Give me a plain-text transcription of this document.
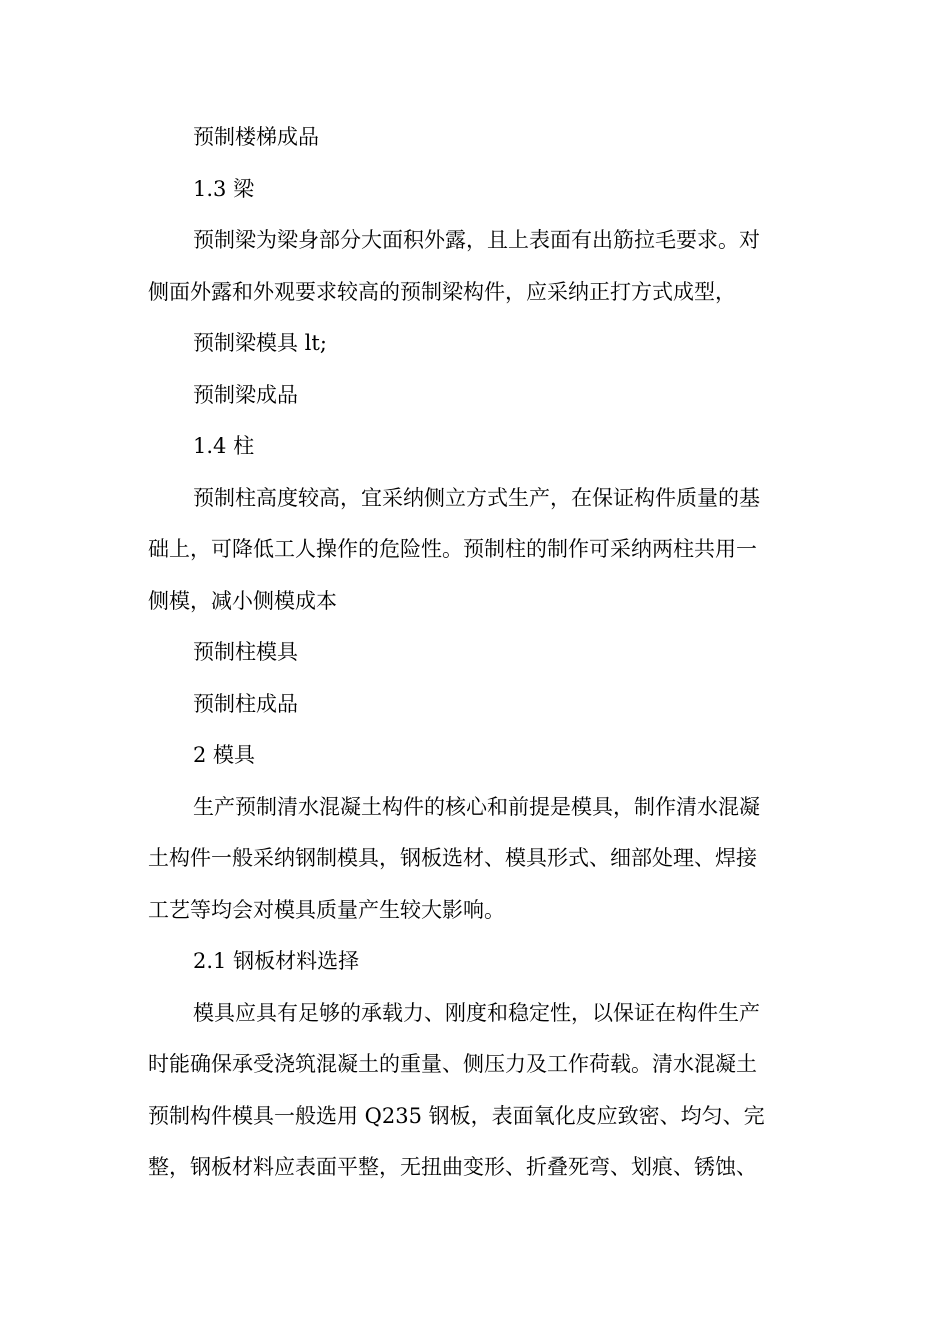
预制楼梯成品
1.3 梁
预制梁为梁身部分大面积外露，且上表面有出筋拉毛要求。对
侧面外露和外观要求较高的预制梁构件，应采纳正打方式成型，
预制梁模具 lt;
预制梁成品
1.4 柱
预制柱高度较高，宜采纳侧立方式生产，在保证构件质量的基
础上，可降低工人操作的危险性。预制柱的制作可采纳两柱共用一
侧模，减小侧模成本
预制柱模具
预制柱成品
2 模具
生产预制清水混凝土构件的核心和前提是模具，制作清水混凝
土构件一般采纳钢制模具，钢板选材、模具形式、细部处理、焊接
工艺等均会对模具质量产生较大影响。
2.1 钢板材料选择
模具应具有足够的承载力、刚度和稳定性，以保证在构件生产
时能确保承受浇筑混凝土的重量、侧压力及工作荷载。清水混凝土
预制构件模具一般选用 Q235 钢板，表面氧化皮应致密、均匀、完
整，钢板材料应表面平整，无扭曲变形、折叠死弯、划痕、锈蚀、
